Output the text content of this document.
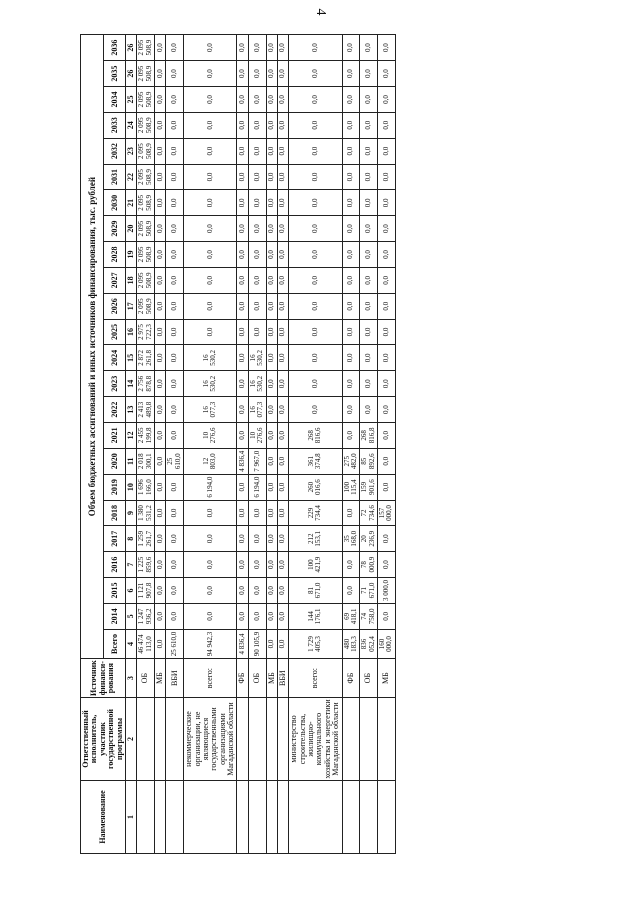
4
Наименование	Ответственный исполнитель, участник государственной программы	Источник финанси-рования	Объем бюджетных ассигнований и иных источников финансирования, тыс. рублей																							
			Всего	2014	2015	2016	2017	2018	2019	2020	2021	2022	2023	2024	2025	2026	2027	2028	2029	2030	2031	2032	2033	2034	2035	2036
1	2	3	4	5	6	7	8	9	10	11	12	13	14	15	16	17	18	19	20	21	22	23	24	25	26	26
		ОБ	46 474 113,0	1 247 936,2	1 121 907,8	1 225 859,6	1 259 261,7	1 380 531,2	1 696 166,0	2 018 300,1	2 455 199,8	2 413 489,8	2 756 878,8	2 872 261,8	2 975 722,3	2 095 508,9	2 095 508,9	2 095 508,9	2 095 508,9	2 095 508,9	2 095 508,9	2 095 508,9	2 095 508,9	2 095 508,9	2 095 508,9	2 095 508,9
		МБ	0,0	0,0	0,0	0,0	0,0	0,0	0,0	0,0	0,0	0,0	0,0	0,0	0,0	0,0	0,0	0,0	0,0	0,0	0,0	0,0	0,0	0,0	0,0	0,0
		ВБИ	25 610,0	0,0	0,0	0,0	0,0	0,0	0,0	25 610,0	0,0	0,0	0,0	0,0	0,0	0,0	0,0	0,0	0,0	0,0	0,0	0,0	0,0	0,0	0,0	0,0
	некоммерческие организации, не являющиеся государственными организациями Магаданской области	всего:	94 942,3	0,0	0,0	0,0	0,0	0,0	6 194,0	12 803,0	10 276,6	16 077,3	16 530,2	16 530,2	0,0	0,0	0,0	0,0	0,0	0,0	0,0	0,0	0,0	0,0	0,0	0,0
		ФБ	4 836,4	0,0	0,0	0,0	0,0	0,0	0,0	4 836,4	0,0	0,0	0,0	0,0	0,0	0,0	0,0	0,0	0,0	0,0	0,0	0,0	0,0	0,0	0,0	0,0
		ОБ	90 105,9	0,0	0,0	0,0	0,0	0,0	6 194,0	7 967,0	10 276,6	16 077,3	16 530,2	16 530,2	0,0	0,0	0,0	0,0	0,0	0,0	0,0	0,0	0,0	0,0	0,0	0,0
		МБ	0,0	0,0	0,0	0,0	0,0	0,0	0,0	0,0	0,0	0,0	0,0	0,0	0,0	0,0	0,0	0,0	0,0	0,0	0,0	0,0	0,0	0,0	0,0	0,0
		ВБИ	0,0	0,0	0,0	0,0	0,0	0,0	0,0	0,0	0,0	0,0	0,0	0,0	0,0	0,0	0,0	0,0	0,0	0,0	0,0	0,0	0,0	0,0	0,0	0,0
	министерство строительства, жилищно-коммунального хозяйства и энергетики Магаданской области	всего:	1 729 405,3	144 176,1	81 671,0	100 421,9	212 153,1	229 734,4	260 016,6	361 374,8	268 816,6	0,0	0,0	0,0	0,0	0,0	0,0	0,0	0,0	0,0	0,0	0,0	0,0	0,0	0,0	0,0
		ФБ	480 183,3	69 418,1	0,0	0,0	35 168,0	0,0	100 115,4	275 482,0	0,0	0,0	0,0	0,0	0,0	0,0	0,0	0,0	0,0	0,0	0,0	0,0	0,0	0,0	0,0	0,0
		ОБ	836 052,4	74 758,0	71 671,0	78 000,9	20 236,9	72 734,6	159 901,6	85 892,6	268 816,8	0,0	0,0	0,0	0,0	0,0	0,0	0,0	0,0	0,0	0,0	0,0	0,0	0,0	0,0	0,0
		МБ	160 000,0	0,0	3 000,0	0,0	0,0	157 000,0	0,0	0,0	0,0	0,0	0,0	0,0	0,0	0,0	0,0	0,0	0,0	0,0	0,0	0,0	0,0	0,0	0,0	0,0
